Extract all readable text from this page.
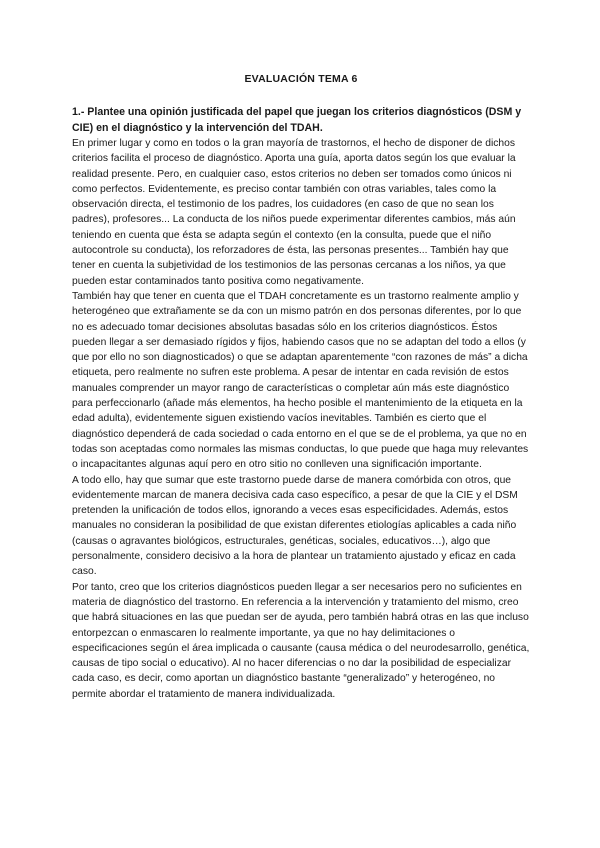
EVALUACIÓN TEMA 6

1.- Plantee una opinión justificada del papel que juegan los criterios diagnósticos (DSM y CIE) en el diagnóstico y la intervención del TDAH.

En primer lugar y como en todos o la gran mayoría de trastornos, el hecho de disponer de dichos criterios facilita el proceso de diagnóstico. Aporta una guía, aporta datos según los que evaluar la realidad presente. Pero, en cualquier caso, estos criterios no deben ser tomados como únicos ni como perfectos. Evidentemente, es preciso contar también con otras variables, tales como la observación directa, el testimonio de los padres, los cuidadores (en caso de que no sean los padres), profesores... La conducta de los niños puede experimentar diferentes cambios, más aún teniendo en cuenta que ésta se adapta según el contexto (en la consulta, puede que el niño autocontrole su conducta), los reforzadores de ésta, las personas presentes... También hay que tener en cuenta la subjetividad de los testimonios de las personas cercanas a los niños, ya que pueden estar contaminados tanto positiva como negativamente.

También hay que tener en cuenta que el TDAH concretamente es un trastorno realmente amplio y heterogéneo que extrañamente se da con un mismo patrón en dos personas diferentes, por lo que no es adecuado tomar decisiones absolutas basadas sólo en los criterios diagnósticos. Éstos pueden llegar a ser demasiado rígidos y fijos, habiendo casos que no se adaptan del todo a ellos (y que por ello no son diagnosticados) o que se adaptan aparentemente “con razones de más” a dicha etiqueta, pero realmente no sufren este problema. A pesar de intentar en cada revisión de estos manuales comprender un mayor rango de características o completar aún más este diagnóstico para perfeccionarlo (añade más elementos, ha hecho posible el mantenimiento de la etiqueta en la edad adulta), evidentemente siguen existiendo vacíos inevitables. También es cierto que el diagnóstico dependerá de cada sociedad o cada entorno en el que se de el problema, ya que no en todas son aceptadas como normales las mismas conductas, lo que puede que haga muy relevantes o incapacitantes algunas aquí pero en otro sitio no conlleven una significación importante.

A todo ello, hay que sumar que este trastorno puede darse de manera comórbida con otros, que evidentemente marcan de manera decisiva cada caso específico, a pesar de que la CIE y el DSM pretenden la unificación de todos ellos, ignorando a veces esas especificidades. Además, estos manuales no consideran la posibilidad de que existan diferentes etiologías aplicables a cada niño (causas o agravantes biológicos, estructurales, genéticas, sociales, educativos…), algo que personalmente, considero decisivo a la hora de plantear un tratamiento ajustado y eficaz en cada caso.

Por tanto, creo que los criterios diagnósticos pueden llegar a ser necesarios pero no suficientes en materia de diagnóstico del trastorno. En referencia a la intervención y tratamiento del mismo, creo que habrá situaciones en las que puedan ser de ayuda, pero también habrá otras en las que incluso entorpezcan o enmascaren lo realmente importante, ya que no hay delimitaciones o especificaciones según el área implicada o causante (causa médica o del neurodesarrollo, genética, causas de tipo social o educativo). Al no hacer diferencias o no dar la posibilidad de especializar cada caso, es decir, como aportan un diagnóstico bastante “generalizado” y heterogéneo, no permite abordar el tratamiento de manera individualizada.
